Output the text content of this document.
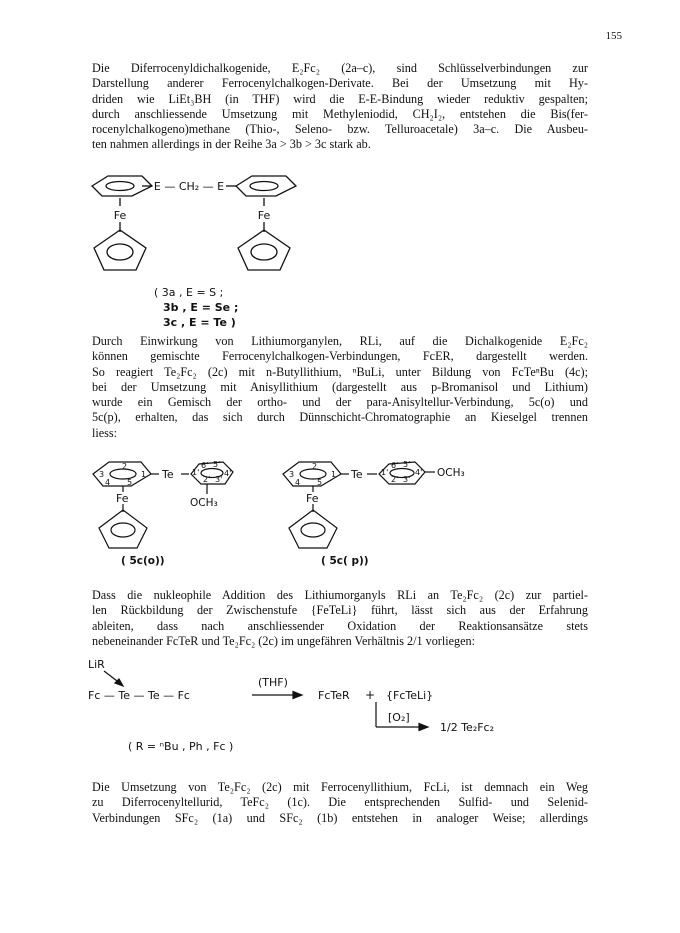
155
Die Diferrocenyldichalkogenide, E₂Fc₂ (2a–c), sind Schlüsselverbindungen zur
Darstellung anderer Ferrocenylchalkogen-Derivate. Bei der Umsetzung mit Hy-
driden wie LiEt₃BH (in THF) wird die E-E-Bindung wieder reduktiv gespalten;
durch anschliessende Umsetzung mit Methyleniodid, CH₂I₂, entstehen die Bis(fer-
rocenylchalkogeno)methane (Thio-, Seleno- bzw. Telluroacetale) 3a–c. Die Ausbeu-
ten nahmen allerdings in der Reihe 3a > 3b > 3c stark ab.
E — CH₂ — E
Fe	Fe
( 3a , E = S ;
3b , E = Se ;
3c , E = Te )
Durch Einwirkung von Lithiumorganylen, RLi, auf die Dichalkogenide E₂Fc₂
können gemischte Ferrocenylchalkogen-Verbindungen, FcER, dargestellt werden.
So reagiert Te₂Fc₂ (2c) mit n-Butyllithium, ⁿBuLi, unter Bildung von FcTeⁿBu (4c);
bei der Umsetzung mit Anisyllithium (dargestellt aus p-Bromanisol und Lithium)
wurde ein Gemisch der ortho- und der para-Anisyltellur-Verbindung, 5c(o) und
5c(p), erhalten, das sich durch Dünnschicht-Chromatographie an Kieselgel trennen
liess:
2
1
3
4 5
1'
6' 5'
4'
2' 3'
Te
Fe	OCH₃
2
1
3
4 5
1'
6' 5'
4'
2' 3'
Te	OCH₃
Fe
( 5c(o))	( 5c( p))
Dass die nukleophile Addition des Lithiumorganyls RLi an Te₂Fc₂ (2c) zur partiel-
len Rückbildung der Zwischenstufe {FeTeLi} führt, lässt sich aus der Erfahrung
ableiten, dass nach anschliessender Oxidation der Reaktionsansätze stets
nebeneinander FcTeR und Te₂Fc₂ (2c) im ungefähren Verhältnis 2/1 vorliegen:
LiR
Fc — Te — Te — Fc
(THF)
FcTeR + {FcTeLi}
[O₂]
1/2 Te₂Fc₂
( R = ⁿBu , Ph , Fc )
Die Umsetzung von Te₂Fc₂ (2c) mit Ferrocenyllithium, FcLi, ist demnach ein Weg
zu Diferrocenyltellurid, TeFc₂ (1c). Die entsprechenden Sulfid- und Selenid-
Verbindungen SFc₂ (1a) und SFc₂ (1b) entstehen in analoger Weise; allerdings
